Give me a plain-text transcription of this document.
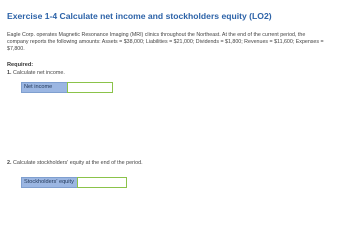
Exercise 1-4 Calculate net income and stockholders equity (LO2)
Eagle Corp. operates Magnetic Resonance Imaging (MRI) clinics throughout the Northeast. At the end of the current period, the company reports the following amounts: Assets = $38,000; Liabilities = $21,000; Dividends = $1,800; Revenues = $11,600; Expenses = $7,800.
Required:
1. Calculate net income.
Net income
2. Calculate stockholders' equity at the end of the period.
Stockholders' equity
